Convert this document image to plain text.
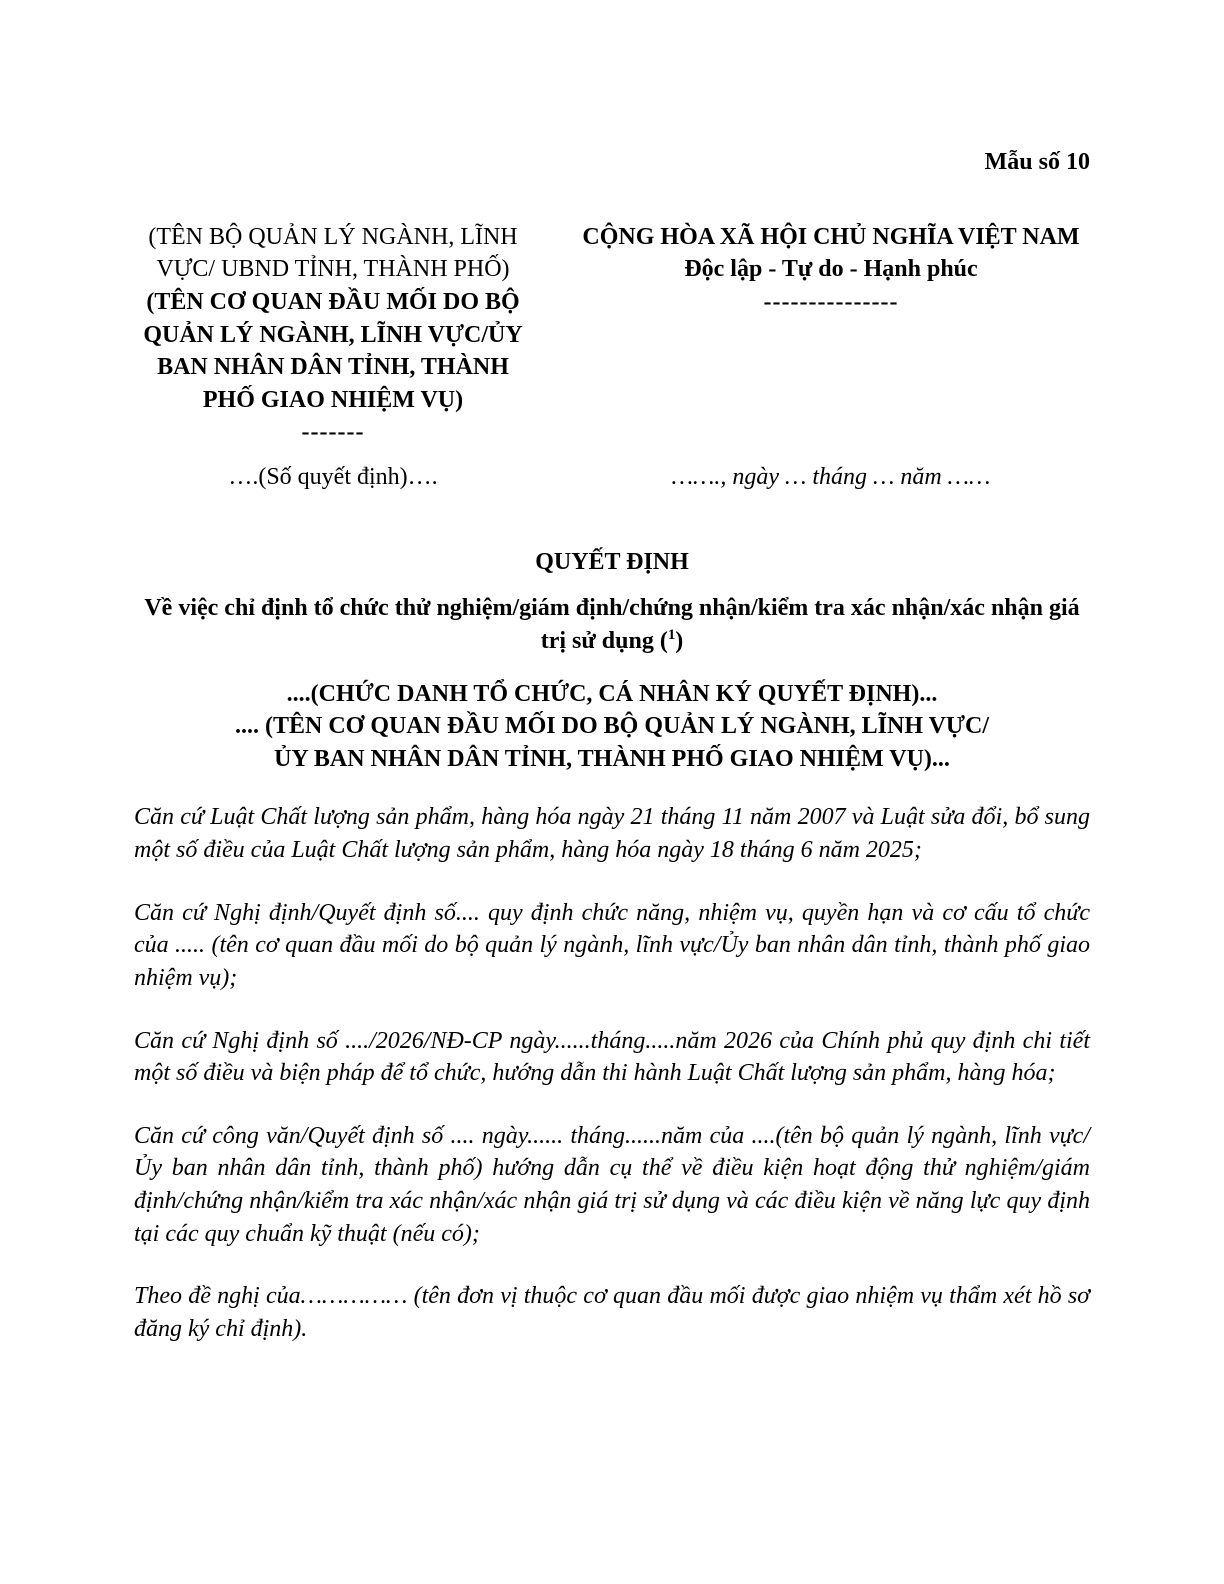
Mẫu số 10
(TÊN BỘ QUẢN LÝ NGÀNH, LĨNH VỰC/ UBND TỈNH, THÀNH PHỐ)
(TÊN CƠ QUAN ĐẦU MỐI DO BỘ QUẢN LÝ NGÀNH, LĨNH VỰC/ỦY BAN NHÂN DÂN TỈNH, THÀNH PHỐ GIAO NHIỆM VỤ)
-------
CỘNG HÒA XÃ HỘI CHỦ NGHĨA VIỆT NAM
Độc lập - Tự do - Hạnh phúc
---------------
….(Số quyết định)….	……., ngày … tháng … năm ……
QUYẾT ĐỊNH
Về việc chỉ định tổ chức thử nghiệm/giám định/chứng nhận/kiểm tra xác nhận/xác nhận giá trị sử dụng ($^1$)
....(CHỨC DANH TỔ CHỨC, CÁ NHÂN KÝ QUYẾT ĐỊNH)...
.... (TÊN CƠ QUAN ĐẦU MỐI DO BỘ QUẢN LÝ NGÀNH, LĨNH VỰC/
ỦY BAN NHÂN DÂN TỈNH, THÀNH PHỐ GIAO NHIỆM VỤ)...

Căn cứ Luật Chất lượng sản phẩm, hàng hóa ngày 21 tháng 11 năm 2007 và Luật sửa đổi, bổ sung một số điều của Luật Chất lượng sản phẩm, hàng hóa ngày 18 tháng 6 năm 2025;

Căn cứ Nghị định/Quyết định số.... quy định chức năng, nhiệm vụ, quyền hạn và cơ cấu tổ chức của ..... (tên cơ quan đầu mối do bộ quản lý ngành, lĩnh vực/Ủy ban nhân dân tỉnh, thành phố giao nhiệm vụ);

Căn cứ Nghị định số ..../2026/NĐ-CP ngày......tháng.....năm 2026 của Chính phủ quy định chi tiết một số điều và biện pháp để tổ chức, hướng dẫn thi hành Luật Chất lượng sản phẩm, hàng hóa;

Căn cứ công văn/Quyết định số .... ngày...... tháng......năm của ....(tên bộ quản lý ngành, lĩnh vực/Ủy ban nhân dân tỉnh, thành phố) hướng dẫn cụ thể về điều kiện hoạt động thử nghiệm/giám định/chứng nhận/kiểm tra xác nhận/xác nhận giá trị sử dụng và các điều kiện về năng lực quy định tại các quy chuẩn kỹ thuật (nếu có);

Theo đề nghị của…………… (tên đơn vị thuộc cơ quan đầu mối được giao nhiệm vụ thẩm xét hồ sơ đăng ký chỉ định).
